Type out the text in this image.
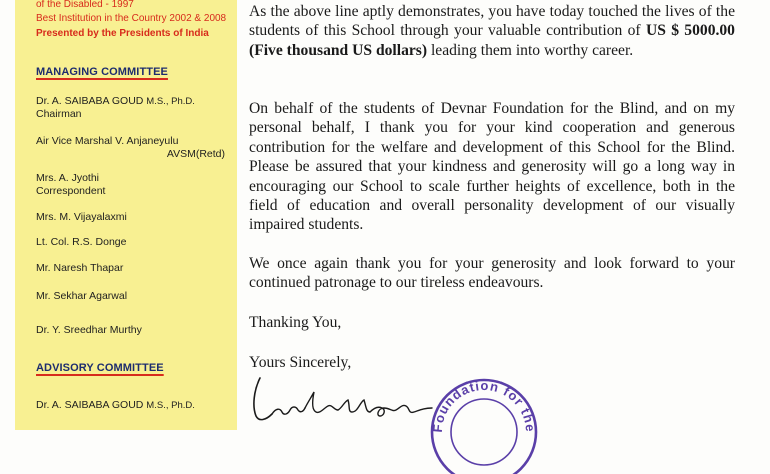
of the Disabled - 1997
Best Institution in the Country 2002 & 2008
Presented by the Presidents of India
MANAGING COMMITTEE
Dr. A. SAIBABA GOUD M.S., Ph.D.
Chairman
Air Vice Marshal V. Anjaneyulu
AVSM(Retd)
Mrs. A. Jyothi
Correspondent
Mrs. M. Vijayalaxmi
Lt. Col. R.S. Donge
Mr. Naresh Thapar
Mr. Sekhar Agarwal
Dr. Y. Sreedhar Murthy
ADVISORY COMMITTEE
Dr. A. SAIBABA GOUD M.S., Ph.D.

As the above line aptly demonstrates, you have today touched the lives of the students of this School through your valuable contribution of US $ 5000.00 (Five thousand US dollars) leading them into worthy career.

On behalf of the students of Devnar Foundation for the Blind, and on my personal behalf, I thank you for your kind cooperation and generous contribution for the welfare and development of this School for the Blind. Please be assured that your kindness and generosity will go a long way in encouraging our School to scale further heights of excellence, both in the field of education and overall personality development of our visually impaired students.

We once again thank you for your generosity and look forward to your continued patronage to our tireless endeavours.

Thanking You,

Yours Sincerely,

Foundation for the
